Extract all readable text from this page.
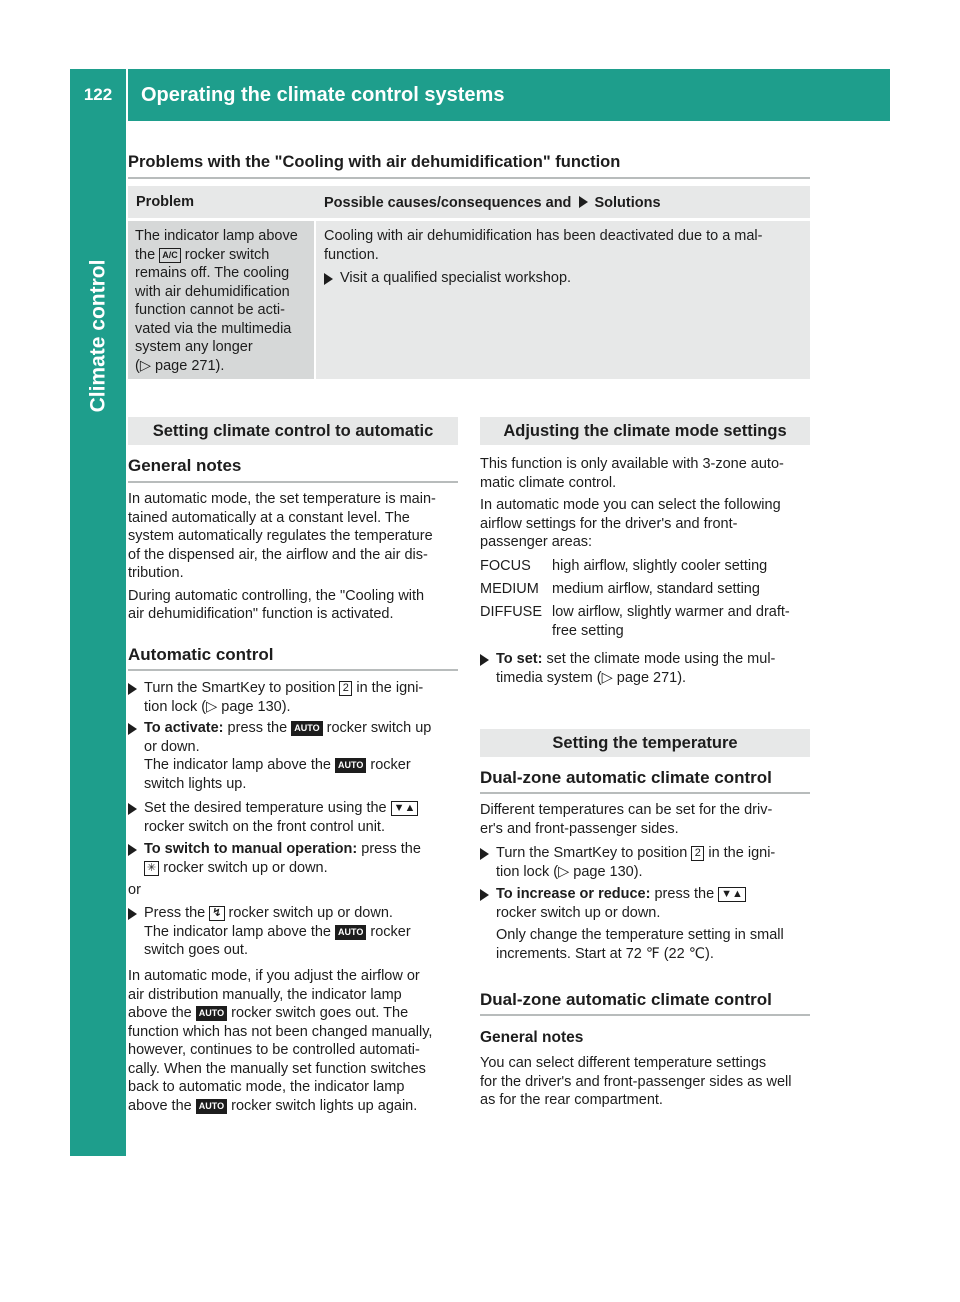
122	Operating the climate control systems
Climate control
Problems with the "Cooling with air dehumidification" function
Problem	Possible causes/consequences and Solutions
The indicator lamp above
the A/C rocker switch
remains off. The cooling
with air dehumidification
function cannot be acti-
vated via the multimedia
system any longer
(▷ page 271).
Cooling with air dehumidification has been deactivated due to a mal-
function.
Visit a qualified specialist workshop.
Setting climate control to automatic
General notes
In automatic mode, the set temperature is main-
tained automatically at a constant level. The
system automatically regulates the temperature
of the dispensed air, the airflow and the air dis-
tribution.
During automatic controlling, the "Cooling with
air dehumidification" function is activated.
Automatic control
Turn the SmartKey to position 2 in the igni-
tion lock (▷ page 130).
To activate: press the AUTO rocker switch up
or down.
The indicator lamp above the AUTO rocker
switch lights up.
Set the desired temperature using the ▼▲
rocker switch on the front control unit.
To switch to manual operation: press the
✳ rocker switch up or down.
or
Press the ↯ rocker switch up or down.
The indicator lamp above the AUTO rocker
switch goes out.
In automatic mode, if you adjust the airflow or
air distribution manually, the indicator lamp
above the AUTO rocker switch goes out. The
function which has not been changed manually,
however, continues to be controlled automati-
cally. When the manually set function switches
back to automatic mode, the indicator lamp
above the AUTO rocker switch lights up again.
Adjusting the climate mode settings
This function is only available with 3-zone auto-
matic climate control.
In automatic mode you can select the following
airflow settings for the driver's and front-
passenger areas:
FOCUS high airflow, slightly cooler setting
MEDIUM medium airflow, standard setting
DIFFUSE low airflow, slightly warmer and draft-
free setting
To set: set the climate mode using the mul-
timedia system (▷ page 271).
Setting the temperature
Dual-zone automatic climate control
Different temperatures can be set for the driv-
er's and front-passenger sides.
Turn the SmartKey to position 2 in the igni-
tion lock (▷ page 130).
To increase or reduce: press the ▼▲
rocker switch up or down.
Only change the temperature setting in small
increments. Start at 72 ℉ (22 ℃).
Dual-zone automatic climate control
General notes
You can select different temperature settings
for the driver's and front-passenger sides as well
as for the rear compartment.
